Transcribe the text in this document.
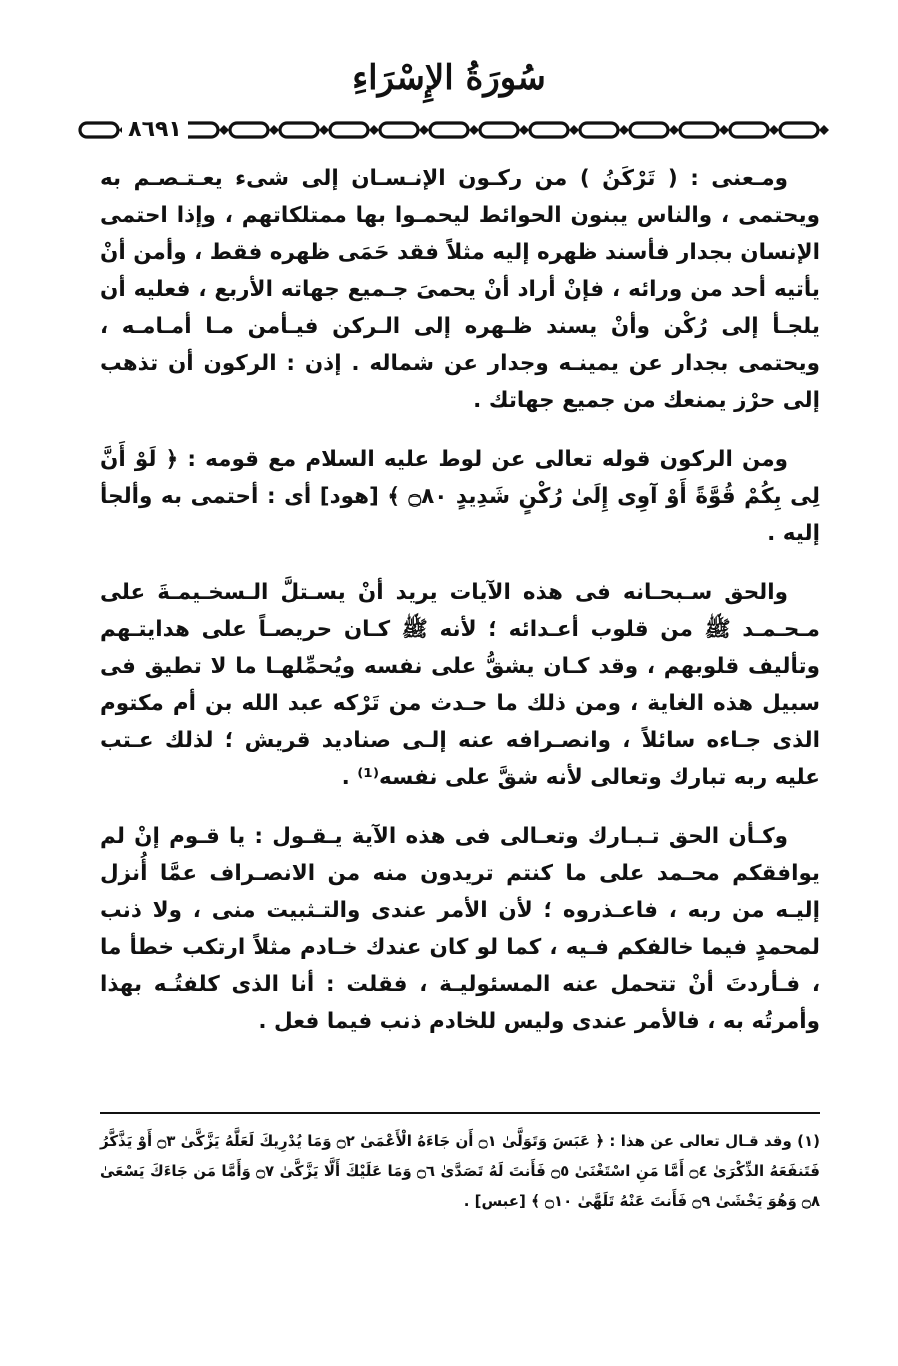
سُورَةُ الإِسْرَاءِ
٨٦٩١

ومـعنى : ( تَرْكَنُ ) من ركـون الإنـسـان إلى شىء يعـتـصـم به ويحتمى ، والناس يبنون الحوائط ليحمـوا بها ممتلكاتهم ، وإذا احتمى الإنسان بجدار فأسند ظهره إليه مثلاً فقد حَمَى ظهره فقط ، وأمن أنْ يأتيه أحد من ورائه ، فإنْ أراد أنْ يحمىَ جـميع جهاته الأربع ، فعليه أن يلجـأ إلى رُكْن وأنْ يسند ظـهره إلى الـركن فيـأمن مـا أمـامـه ، ويحتمى بجدار عن يمينـه وجدار عن شماله . إذن : الركون أن تذهب إلى حرْز يمنعك من جميع جهاتك .

ومن الركون قوله تعالى عن لوط عليه السلام مع قومه : ﴿ لَوْ أَنَّ لِى بِكُمْ قُوَّةً أَوْ آوِى إِلَىٰ رُكْنٍ شَدِيدٍ ۝٨٠ ﴾ [هود] أى : أحتمى به وألجأ إليه .

والحق سـبحـانه فى هذه الآيات يريد أنْ يسـتلَّ الـسخـيمـةَ على مـحـمـد ﷺ من قلوب أعـدائه ؛ لأنه ﷺ كـان حريصـاً على هدايتـهم وتأليف قلوبهم ، وقد كـان يشقُّ على نفسه ويُحمِّلهـا ما لا تطيق فى سبيل هذه الغاية ، ومن ذلك ما حـدث من تَرْكه عبد الله بن أم مكتوم الذى جـاءه سائلاً ، وانصـرافه عنه إلـى صناديد قريش ؛ لذلك عـتب عليه ربه تبارك وتعالى لأنه شقَّ على نفسه⁽¹⁾ .

وكـأن الحق تـبـارك وتعـالى فى هذه الآية يـقـول : يا قـوم إنْ لم يوافقكم محـمد على ما كنتم تريدون منه من الانصـراف عمَّا أُنزل إليـه من ربه ، فاعـذروه ؛ لأن الأمر عندى والتـثبيت منى ، ولا ذنب لمحمدٍ فيما خالفكم فـيه ، كما لو كان عندك خـادم مثلاً ارتكب خطأ ما ، فـأردتَ أنْ تتحمل عنه المسئوليـة ، فقلت : أنا الذى كلفتُـه بهذا وأمرتُه به ، فالأمر عندى وليس للخادم ذنب فيما فعل .

(١) وقد قـال تعالى عن هذا : ﴿ عَبَسَ وَتَوَلَّىٰ ۝١ أَن جَاءَهُ الْأَعْمَىٰ ۝٢ وَمَا يُدْرِيكَ لَعَلَّهُ يَزَّكَّىٰ ۝٣ أَوْ يَذَّكَّرُ فَتَنفَعَهُ الذِّكْرَىٰ ۝٤ أَمَّا مَنِ اسْتَغْنَىٰ ۝٥ فَأَنتَ لَهُ تَصَدَّىٰ ۝٦ وَمَا عَلَيْكَ أَلَّا يَزَّكَّىٰ ۝٧ وَأَمَّا مَن جَاءَكَ يَسْعَىٰ ۝٨ وَهُوَ يَخْشَىٰ ۝٩ فَأَنتَ عَنْهُ تَلَهَّىٰ ۝١٠ ﴾ [عبس] .
